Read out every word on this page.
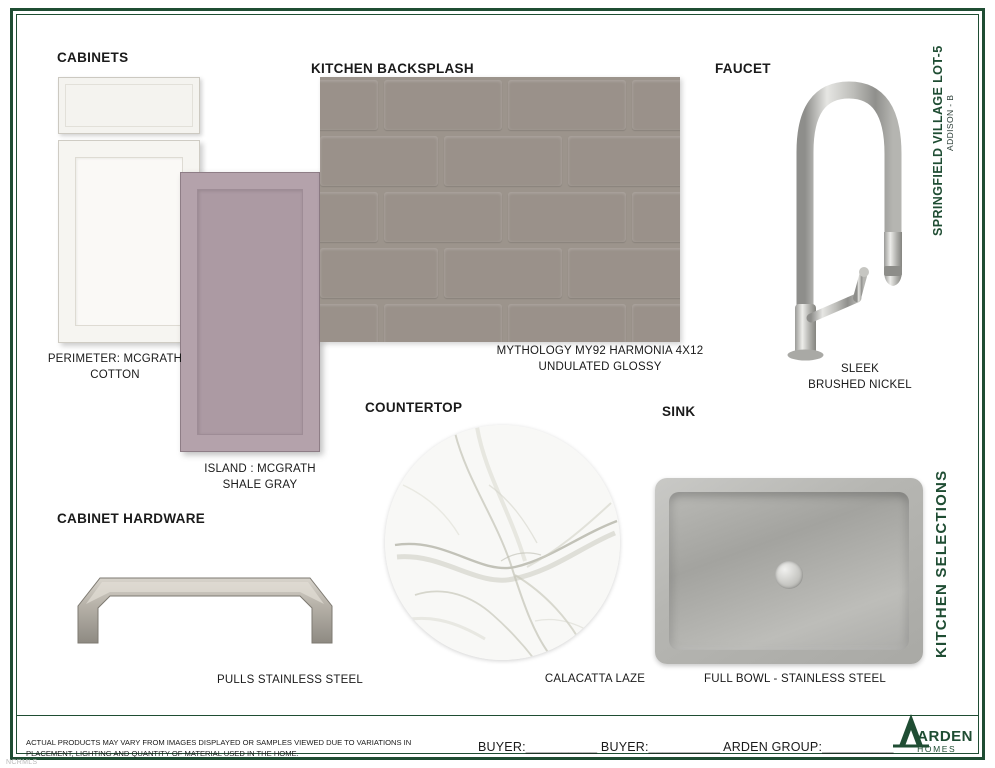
SPRINGFIELD VILLAGE LOT-5 ADDISON - B
KITCHEN SELECTIONS
CABINETS
PERIMETER: MCGRATH
COTTON
ISLAND : MCGRATH
SHALE GRAY
KITCHEN BACKSPLASH
MYTHOLOGY MY92 HARMONIA 4X12
UNDULATED GLOSSY
FAUCET
SLEEK
BRUSHED NICKEL
COUNTERTOP
CALACATTA LAZE
SINK
FULL BOWL - STAINLESS STEEL
CABINET HARDWARE
PULLS STAINLESS STEEL
ACTUAL PRODUCTS MAY VARY FROM IMAGES DISPLAYED OR SAMPLES VIEWED DUE TO VARIATIONS IN
PLACEMENT, LIGHTING AND QUANTITY OF MATERIAL USED IN THE HOME.	BUYER:__________ BUYER:__________ ARDEN GROUP:__________
ARDEN
HOMES
NCRMLS
